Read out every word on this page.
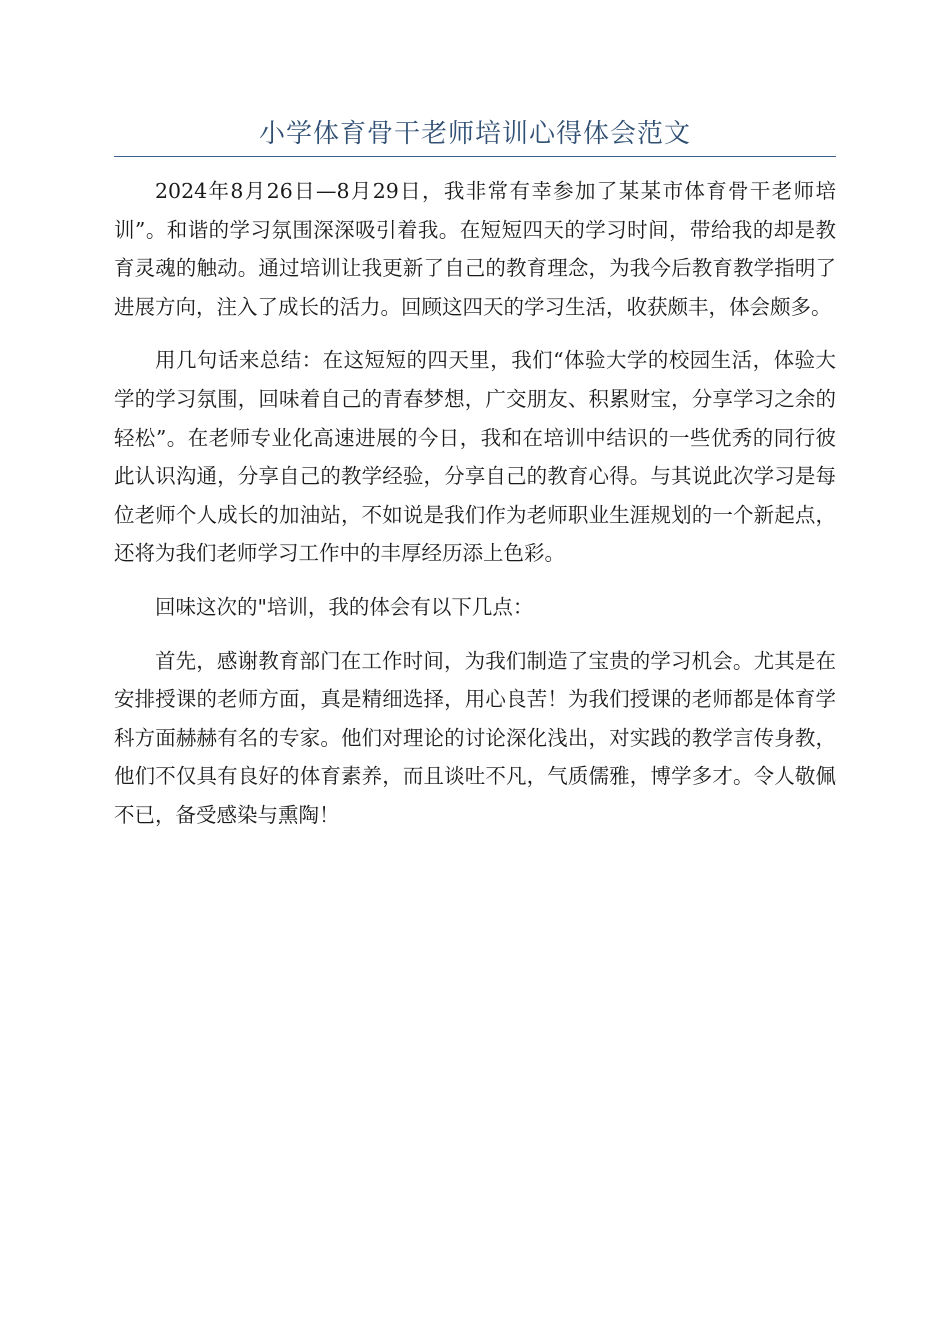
小学体育骨干老师培训心得体会范文

2024年8月26日—8月29日，我非常有幸参加了某某市体育骨干老师培训”。和谐的学习氛围深深吸引着我。在短短四天的学习时间，带给我的却是教育灵魂的触动。通过培训让我更新了自己的教育理念，为我今后教育教学指明了进展方向，注入了成长的活力。回顾这四天的学习生活，收获颇丰，体会颇多。

用几句话来总结：在这短短的四天里，我们“体验大学的校园生活，体验大学的学习氛围，回味着自己的青春梦想，广交朋友、积累财宝，分享学习之余的轻松”。在老师专业化高速进展的今日，我和在培训中结识的一些优秀的同行彼此认识沟通，分享自己的教学经验，分享自己的教育心得。与其说此次学习是每位老师个人成长的加油站，不如说是我们作为老师职业生涯规划的一个新起点，还将为我们老师学习工作中的丰厚经历添上色彩。

回味这次的"培训，我的体会有以下几点：

首先，感谢教育部门在工作时间，为我们制造了宝贵的学习机会。尤其是在安排授课的老师方面，真是精细选择，用心良苦！为我们授课的老师都是体育学科方面赫赫有名的专家。他们对理论的讨论深化浅出，对实践的教学言传身教，他们不仅具有良好的体育素养，而且谈吐不凡，气质儒雅，博学多才。令人敬佩不已，备受感染与熏陶！
